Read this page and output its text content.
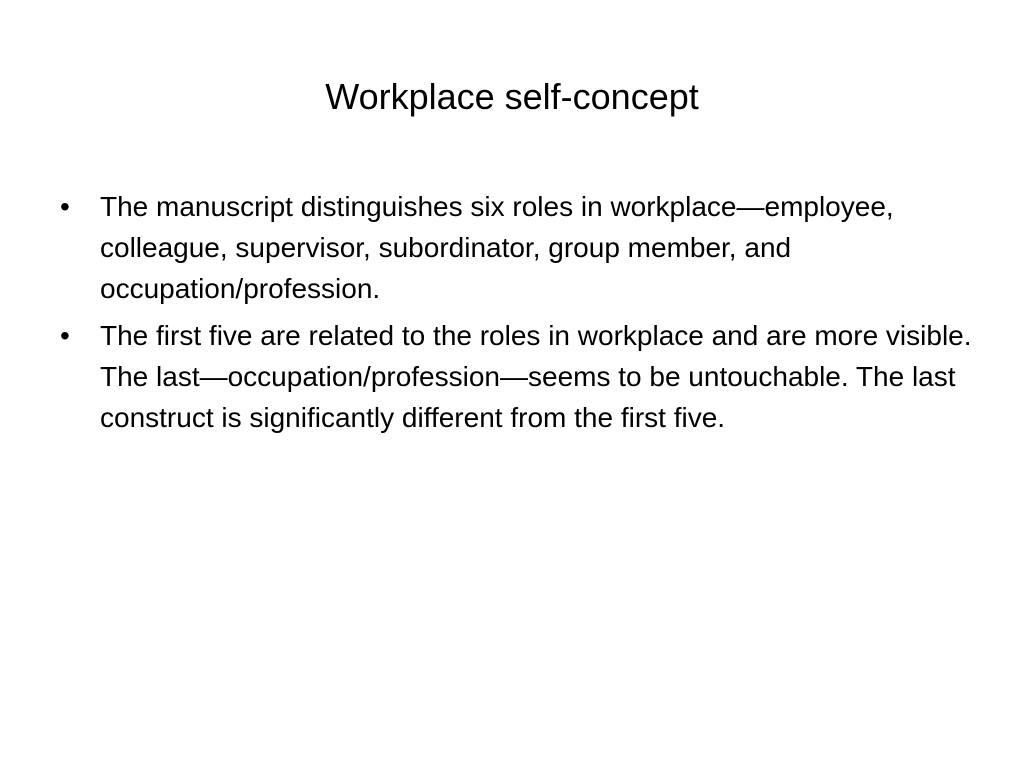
Workplace self-concept
•	The manuscript distinguishes six roles in workplace—employee, colleague, supervisor, subordinator, group member, and occupation/profession.
•	The first five are related to the roles in workplace and are more visible. The last—occupation/profession—seems to be untouchable. The last construct is significantly different from the first five.
